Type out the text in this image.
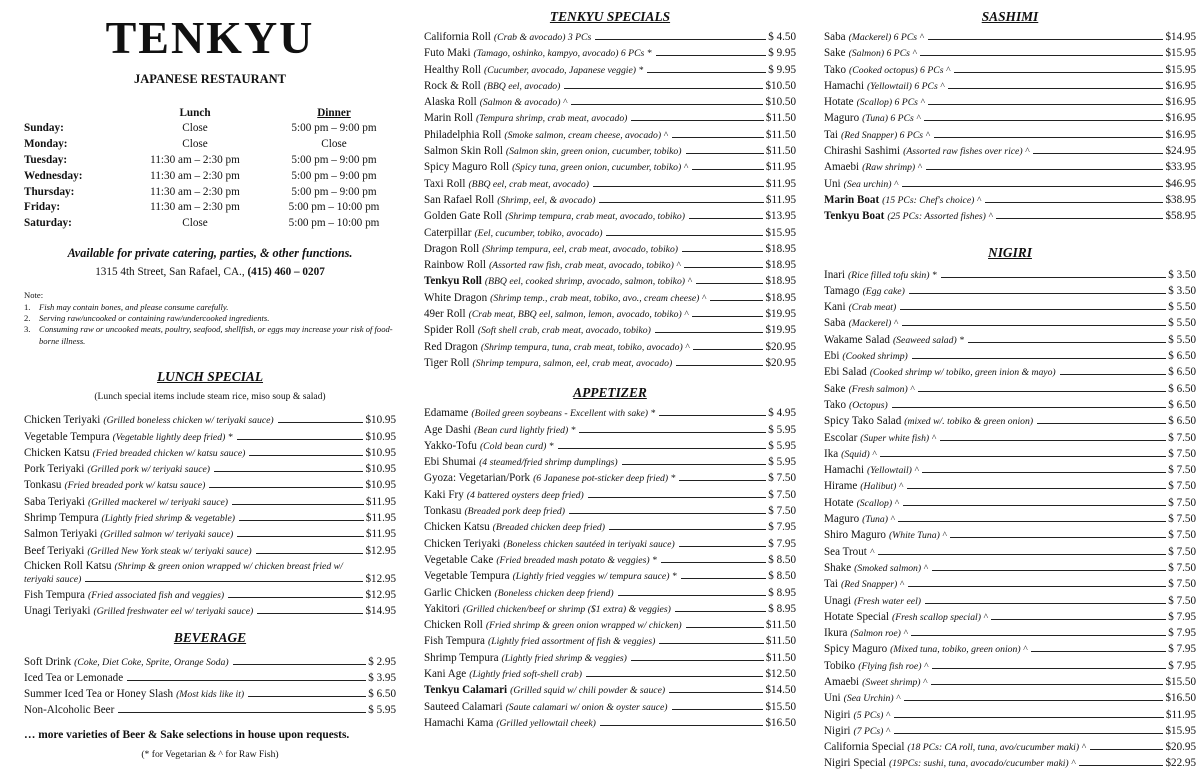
TENKYU
JAPANESE RESTAURANT
Lunch	Dinner
Sunday:	Close	5:00 pm – 9:00 pm
Monday:	Close	Close
Tuesday:	11:30 am – 2:30 pm	5:00 pm – 9:00 pm
Wednesday:	11:30 am – 2:30 pm	5:00 pm – 9:00 pm
Thursday:	11:30 am – 2:30 pm	5:00 pm – 9:00 pm
Friday:	11:30 am – 2:30 pm	5:00 pm – 10:00 pm
Saturday:	Close	5:00 pm – 10:00 pm
Available for private catering, parties, & other functions.
1315 4th Street, San Rafael, CA., (415) 460 – 0207
Note:
1. Fish may contain bones, and please consume carefully.
2. Serving raw/uncooked or containing raw/undercooked ingredients.
3. Consuming raw or uncooked meats, poultry, seafood, shellfish, or eggs may increase your risk of food-borne illness.
LUNCH SPECIAL
(Lunch special items include steam rice, miso soup & salad)
Chicken Teriyaki (Grilled boneless chicken w/ teriyaki sauce)	$10.95
Vegetable Tempura (Vegetable lightly deep fried) *	$10.95
Chicken Katsu (Fried breaded chicken w/ katsu sauce)	$10.95
Pork Teriyaki (Grilled pork w/ teriyaki sauce)	$10.95
Tonkasu (Fried breaded pork w/ katsu sauce)	$10.95
Saba Teriyaki (Grilled mackerel w/ teriyaki sauce)	$11.95
Shrimp Tempura (Lightly fried shrimp & vegetable)	$11.95
Salmon Teriyaki (Grilled salmon w/ teriyaki sauce)	$11.95
Beef Teriyaki (Grilled New York steak w/ teriyaki sauce)	$12.95
Chicken Roll Katsu (Shrimp & green onion wrapped w/ chicken breast fried w/
teriyaki sauce)	$12.95
Fish Tempura (Fried associated fish and veggies)	$12.95
Unagi Teriyaki (Grilled freshwater eel w/ teriyaki sauce)	$14.95
BEVERAGE
Soft Drink (Coke, Diet Coke, Sprite, Orange Soda)	$ 2.95
Iced Tea or Lemonade	$ 3.95
Summer Iced Tea or Honey Slash (Most kids like it)	$ 6.50
Non-Alcoholic Beer	$ 5.95
… more varieties of Beer & Sake selections in house upon requests.
(* for Vegetarian & ^ for Raw Fish)
TENKYU SPECIALS
California Roll (Crab & avocado) 3 PCs	$ 4.50
Futo Maki (Tamago, oshinko, kampyo, avocado) 6 PCs *	$ 9.95
Healthy Roll (Cucumber, avocado, Japanese veggie) *	$ 9.95
Rock & Roll (BBQ eel, avocado)	$10.50
Alaska Roll (Salmon & avocado) ^	$10.50
Marin Roll (Tempura shrimp, crab meat, avocado)	$11.50
Philadelphia Roll (Smoke salmon, cream cheese, avocado) ^	$11.50
Salmon Skin Roll (Salmon skin, green onion, cucumber, tobiko)	$11.50
Spicy Maguro Roll (Spicy tuna, green onion, cucumber, tobiko) ^	$11.95
Taxi Roll (BBQ eel, crab meat, avocado)	$11.95
San Rafael Roll (Shrimp, eel, & avocado)	$11.95
Golden Gate Roll (Shrimp tempura, crab meat, avocado, tobiko)	$13.95
Caterpillar (Eel, cucumber, tobiko, avocado)	$15.95
Dragon Roll (Shrimp tempura, eel, crab meat, avocado, tobiko)	$18.95
Rainbow Roll (Assorted raw fish, crab meat, avocado, tobiko) ^	$18.95
Tenkyu Roll (BBQ eel, cooked shrimp, avocado, salmon, tobiko) ^	$18.95
White Dragon (Shrimp temp., crab meat, tobiko, avo., cream cheese) ^	$18.95
49er Roll (Crab meat, BBQ eel, salmon, lemon, avocado, tobiko) ^	$19.95
Spider Roll (Soft shell crab, crab meat, avocado, tobiko)	$19.95
Red Dragon (Shrimp tempura, tuna, crab meat, tobiko, avocado) ^	$20.95
Tiger Roll (Shrimp tempura, salmon, eel, crab meat, avocado)	$20.95
APPETIZER
Edamame (Boiled green soybeans - Excellent with sake) *	$ 4.95
Age Dashi (Bean curd lightly fried) *	$ 5.95
Yakko-Tofu (Cold bean curd) *	$ 5.95
Ebi Shumai (4 steamed/fried shrimp dumplings)	$ 5.95
Gyoza: Vegetarian/Pork (6 Japanese pot-sticker deep fried) *	$ 7.50
Kaki Fry (4 battered oysters deep fried)	$ 7.50
Tonkasu (Breaded pork deep fried)	$ 7.50
Chicken Katsu (Breaded chicken deep fried)	$ 7.95
Chicken Teriyaki (Boneless chicken sautéed in teriyaki sauce)	$ 7.95
Vegetable Cake (Fried breaded mash potato & veggies) *	$ 8.50
Vegetable Tempura (Lightly fried veggies w/ tempura sauce) *	$ 8.50
Garlic Chicken (Boneless chicken deep friend)	$ 8.95
Yakitori (Grilled chicken/beef or shrimp ($1 extra) & veggies)	$ 8.95
Chicken Roll (Fried shrimp & green onion wrapped w/ chicken)	$11.50
Fish Tempura (Lightly fried assortment of fish & veggies)	$11.50
Shrimp Tempura (Lightly fried shrimp & veggies)	$11.50
Kani Age (Lightly fried soft-shell crab)	$12.50
Tenkyu Calamari (Grilled squid w/ chili powder & sauce)	$14.50
Sauteed Calamari (Saute calamari w/ onion & oyster sauce)	$15.50
Hamachi Kama (Grilled yellowtail cheek)	$16.50
SASHIMI
Saba (Mackerel) 6 PCs ^	$14.95
Sake (Salmon) 6 PCs ^	$15.95
Tako (Cooked octopus) 6 PCs ^	$15.95
Hamachi (Yellowtail) 6 PCs ^	$16.95
Hotate (Scallop) 6 PCs ^	$16.95
Maguro (Tuna) 6 PCs ^	$16.95
Tai (Red Snapper) 6 PCs ^	$16.95
Chirashi Sashimi (Assorted raw fishes over rice) ^	$24.95
Amaebi (Raw shrimp) ^	$33.95
Uni (Sea urchin) ^	$46.95
Marin Boat (15 PCs: Chef's choice) ^	$38.95
Tenkyu Boat (25 PCs: Assorted fishes) ^	$58.95
NIGIRI
Inari (Rice filled tofu skin) *	$ 3.50
Tamago (Egg cake)	$ 3.50
Kani (Crab meat)	$ 5.50
Saba (Mackerel) ^	$ 5.50
Wakame Salad (Seaweed salad) *	$ 5.50
Ebi (Cooked shrimp)	$ 6.50
Ebi Salad (Cooked shrimp w/ tobiko, green inion & mayo)	$ 6.50
Sake (Fresh salmon) ^	$ 6.50
Tako (Octopus)	$ 6.50
Spicy Tako Salad (mixed w/. tobiko & green onion)	$ 6.50
Escolar (Super white fish) ^	$ 7.50
Ika (Squid) ^	$ 7.50
Hamachi (Yellowtail) ^	$ 7.50
Hirame (Halibut) ^	$ 7.50
Hotate (Scallop) ^	$ 7.50
Maguro (Tuna) ^	$ 7.50
Shiro Maguro (White Tuna) ^	$ 7.50
Sea Trout ^	$ 7.50
Shake (Smoked salmon) ^	$ 7.50
Tai (Red Snapper) ^	$ 7.50
Unagi (Fresh water eel)	$ 7.50
Hotate Special (Fresh scallop special) ^	$ 7.95
Ikura (Salmon roe) ^	$ 7.95
Spicy Maguro (Mixed tuna, tobiko, green onion) ^	$ 7.95
Tobiko (Flying fish roe) ^	$ 7.95
Amaebi (Sweet shrimp) ^	$15.50
Uni (Sea Urchin) ^	$16.50
Nigiri (5 PCs) ^	$11.95
Nigiri (7 PCs) ^	$15.95
California Special (18 PCs: CA roll, tuna, avo/cucumber maki) ^	$20.95
Nigiri Special (19PCs: sushi, tuna, avocado/cucumber maki) ^	$22.95
